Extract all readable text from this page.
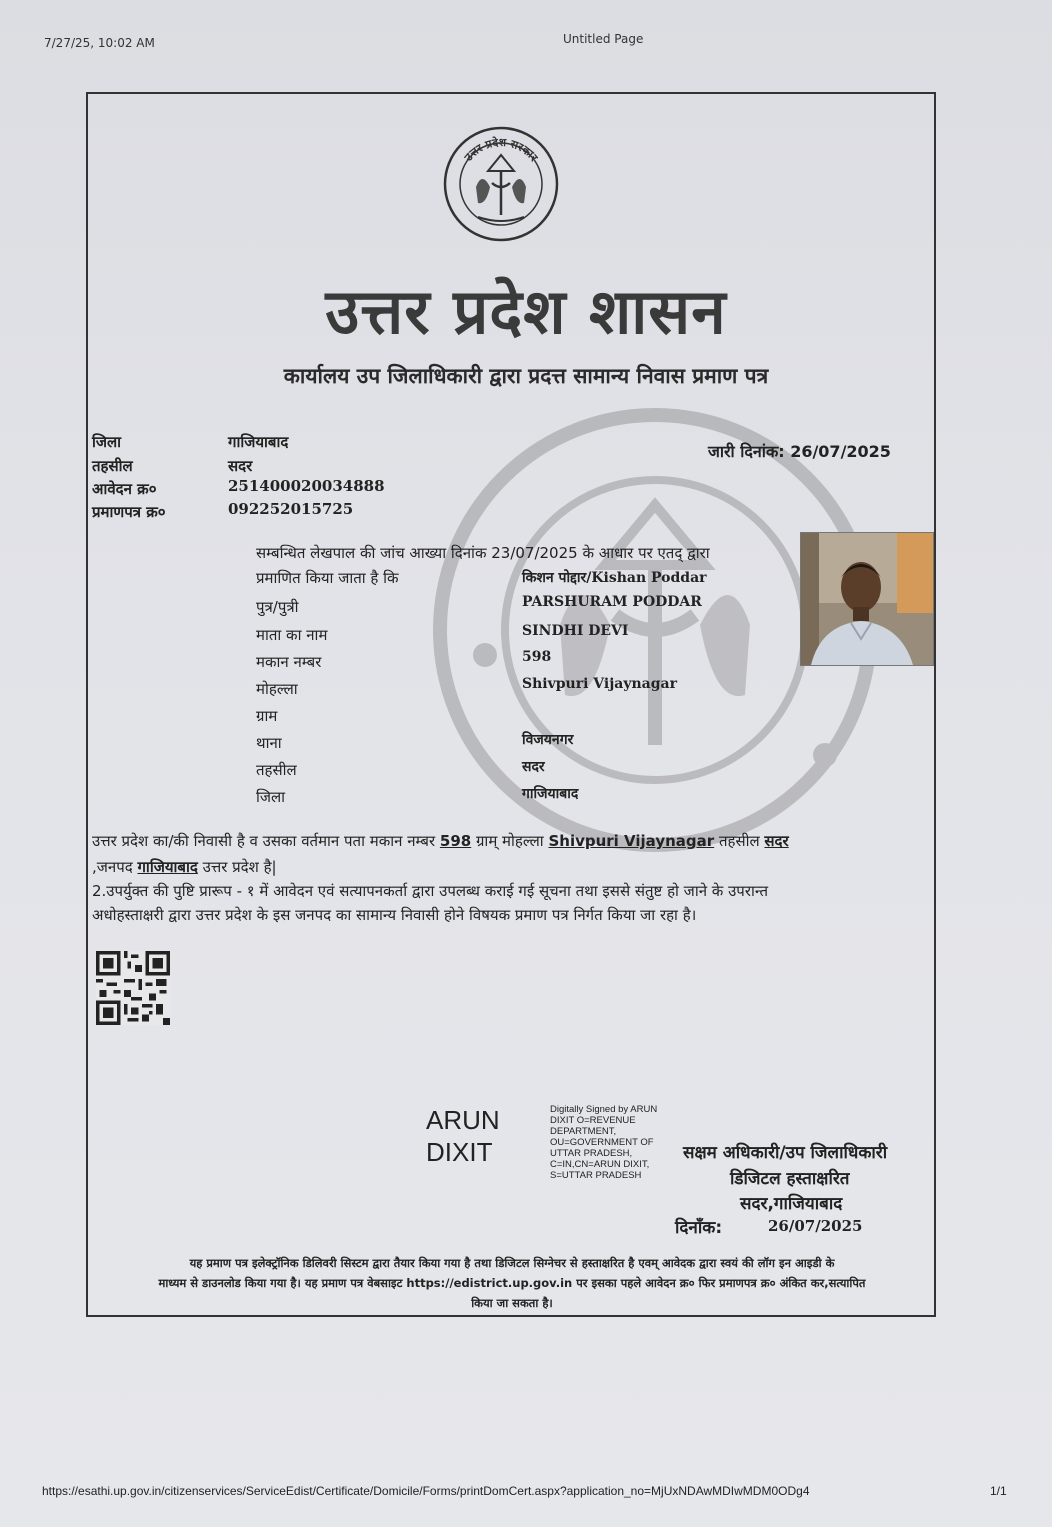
7/27/25, 10:02 AM	Untitled Page
उत्तर प्रदेश सरकार
उत्तर प्रदेश शासन
कार्यालय उप जिलाधिकारी द्वारा प्रदत्त सामान्य निवास प्रमाण पत्र
जिला	गाजियाबाद
तहसील	सदर
आवेदन क्र०	251400020034888
प्रमाणपत्र क्र०	092252015725
जारी दिनांक: 26/07/2025
सम्बन्धित लेखपाल की जांच आख्या दिनांक 23/07/2025 के आधार पर एतद् द्वारा
प्रमाणित किया जाता है कि	किशन पोद्दार/Kishan Poddar
पुत्र/पुत्री	PARSHURAM PODDAR
माता का नाम	SINDHI DEVI
मकान नम्बर	598
मोहल्ला	Shivpuri Vijaynagar
ग्राम
थाना	विजयनगर
तहसील	सदर
जिला	गाजियाबाद
उत्तर प्रदेश का/की निवासी है व उसका वर्तमान पता मकान नम्बर 598 ग्राम् मोहल्ला Shivpuri Vijaynagar तहसील सदर
,जनपद गाजियाबाद उत्तर प्रदेश है|
2.उपर्युक्त की पुष्टि प्रारूप - १ में आवेदन एवं सत्यापनकर्ता द्वारा उपलब्ध कराई गई सूचना तथा इससे संतुष्ट हो जाने के उपरान्त
अधोहस्ताक्षरी द्वारा उत्तर प्रदेश के इस जनपद का सामान्य निवासी होने विषयक प्रमाण पत्र निर्गत किया जा रहा है।
ARUN
DIXIT
Digitally Signed by ARUN
DIXIT O=REVENUE
DEPARTMENT,
OU=GOVERNMENT OF
UTTAR PRADESH,
C=IN,CN=ARUN DIXIT,
S=UTTAR PRADESH
सक्षम अधिकारी/उप जिलाधिकारी
डिजिटल हस्ताक्षरित
सदर,गाजियाबाद
दिनाँक:	26/07/2025
यह प्रमाण पत्र इलेक्ट्रॉनिक डिलिवरी सिस्टम द्वारा तैयार किया गया है तथा डिजिटल सिग्नेचर से हस्ताक्षरित है एवम् आवेदक द्वारा स्वयं की लॉग इन आइडी के
माध्यम से डाउनलोड किया गया है। यह प्रमाण पत्र वेबसाइट https://edistrict.up.gov.in पर इसका पहले आवेदन क्र० फिर प्रमाणपत्र क्र० अंकित कर,सत्यापित
किया जा सकता है।
https://esathi.up.gov.in/citizenservices/ServiceEdist/Certificate/Domicile/Forms/printDomCert.aspx?application_no=MjUxNDAwMDIwMDM0ODg4	1/1
